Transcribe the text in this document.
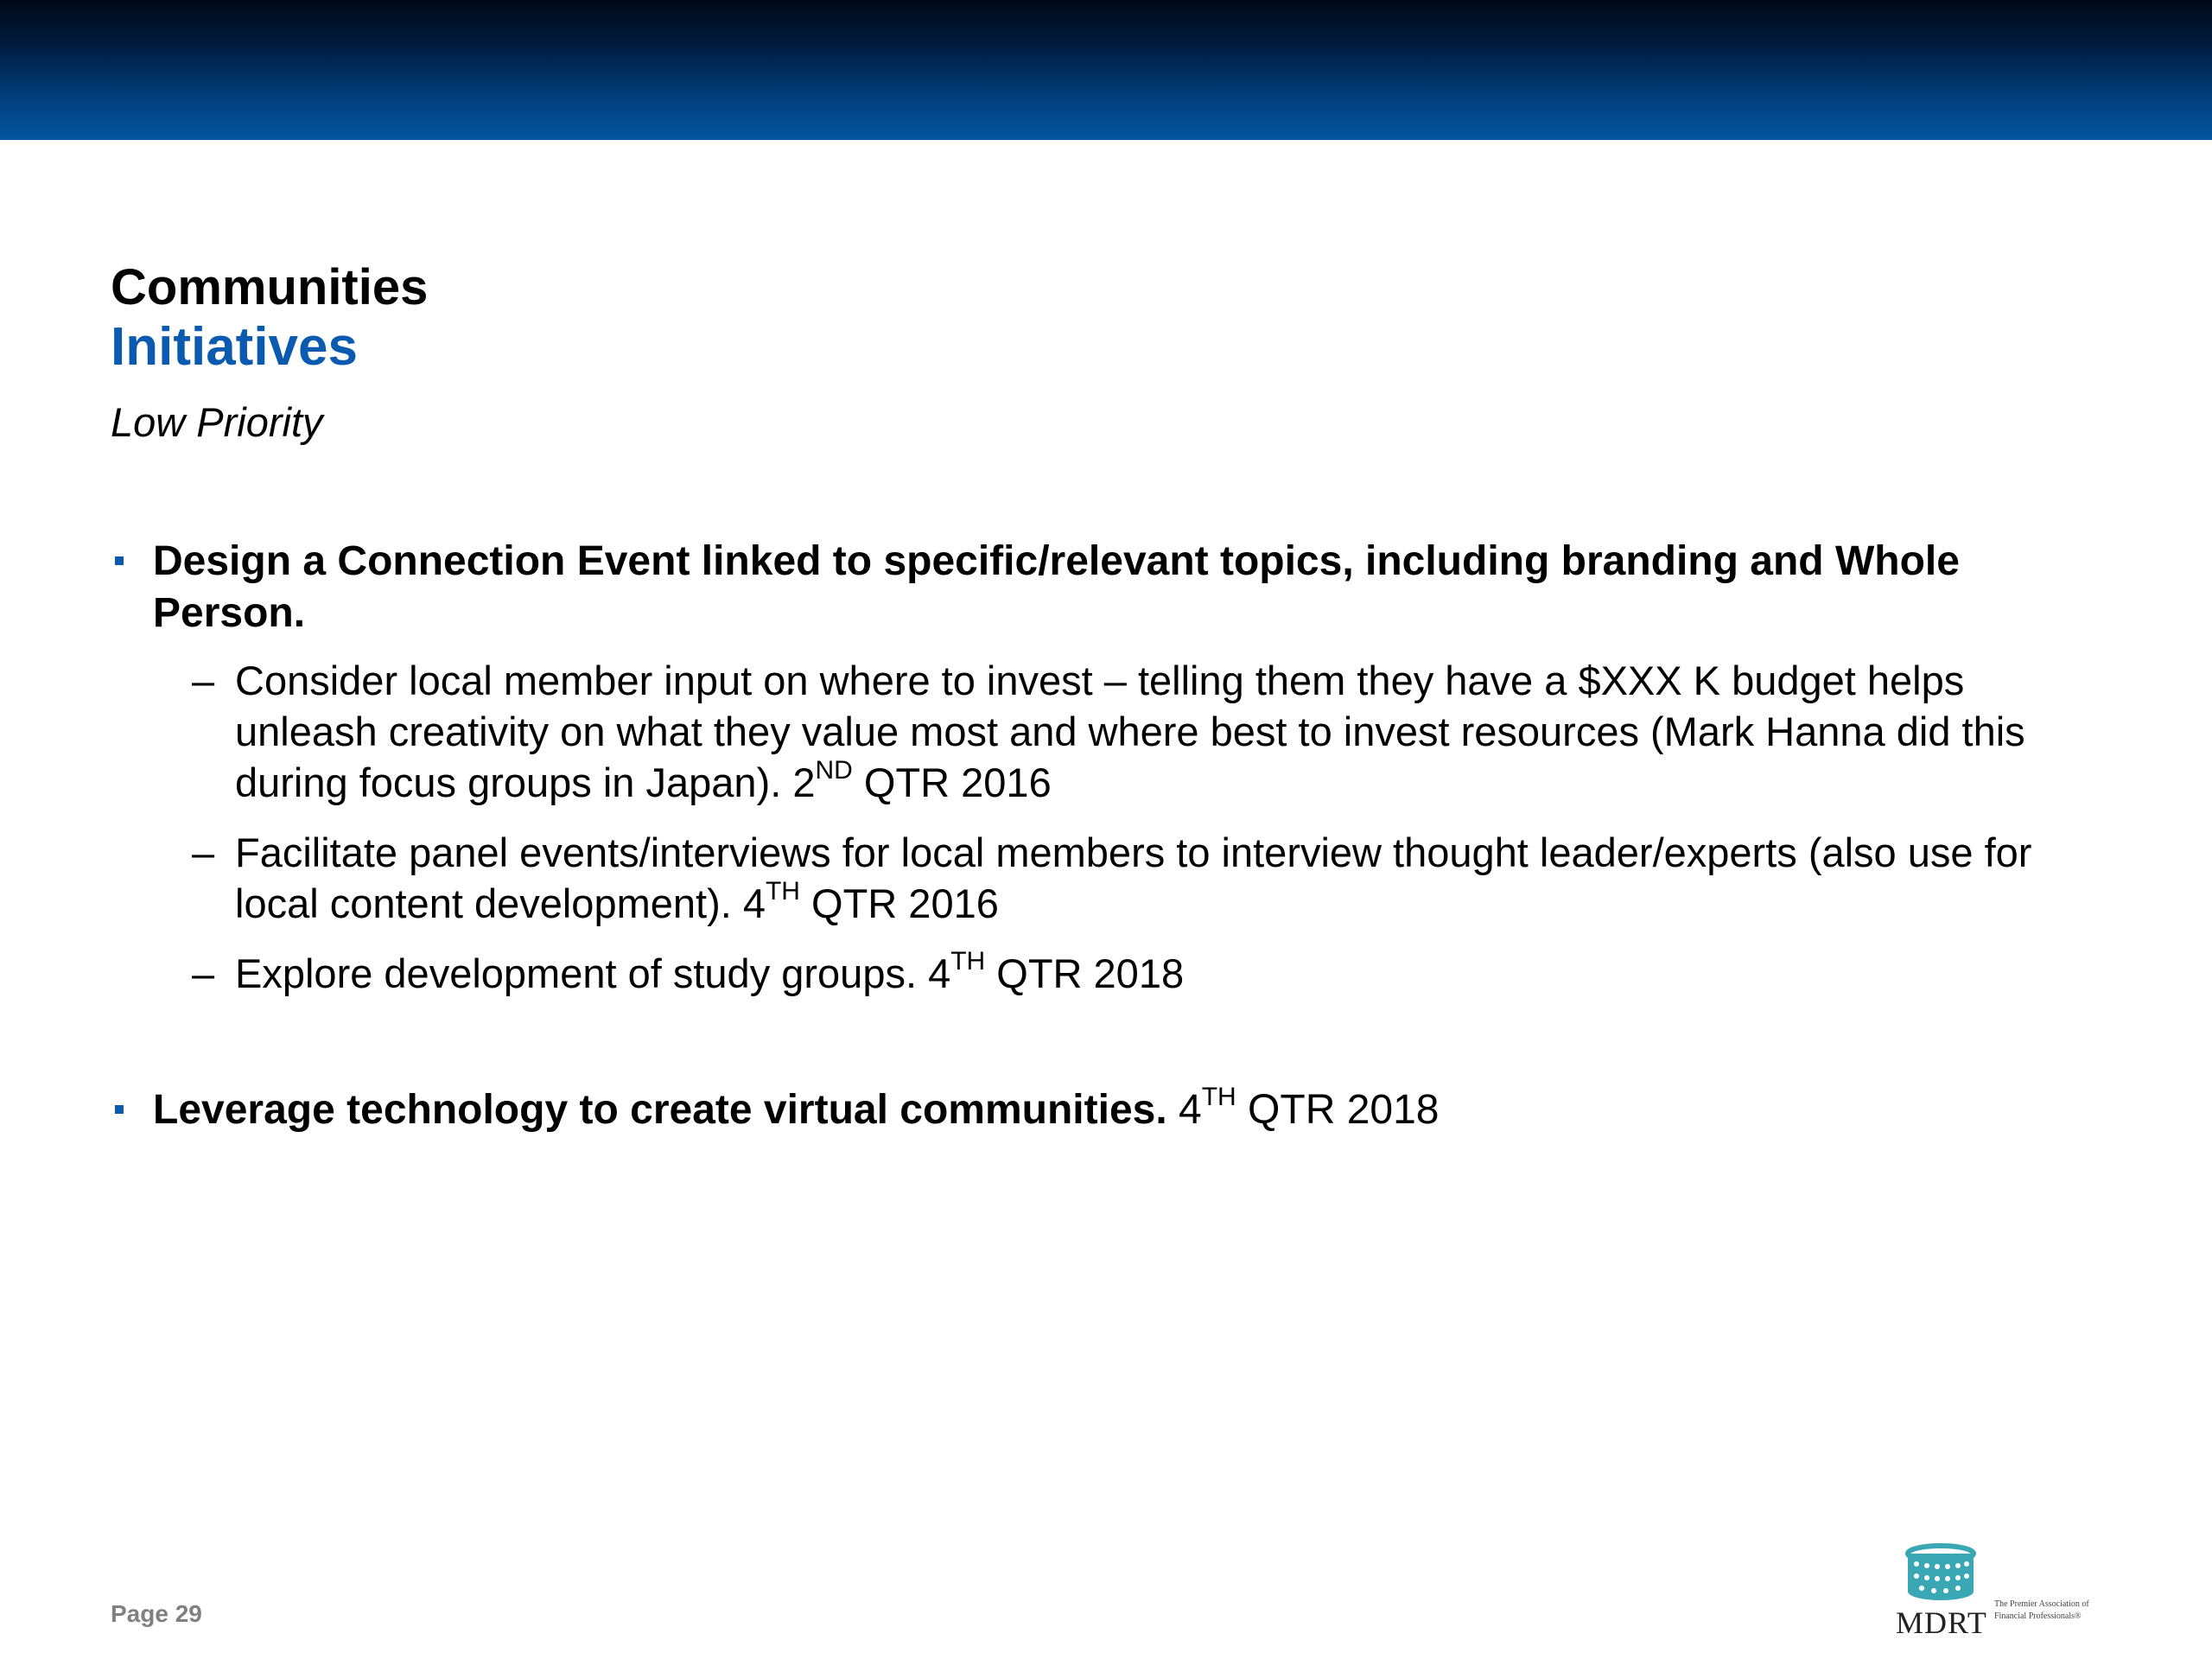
Communities
Initiatives
Low Priority
Design a Connection Event linked to specific/relevant topics, including branding and Whole Person.
– Consider local member input on where to invest – telling them they have a $XXX K budget helps unleash creativity on what they value most and where best to invest resources (Mark Hanna did this during focus groups in Japan). 2ND QTR 2016
– Facilitate panel events/interviews for local members to interview thought leader/experts (also use for local content development). 4TH QTR 2016
– Explore development of study groups. 4TH QTR 2018
Leverage technology to create virtual communities. 4TH QTR 2018
Page 29	MDRT
The Premier Association of Financial Professionals®
